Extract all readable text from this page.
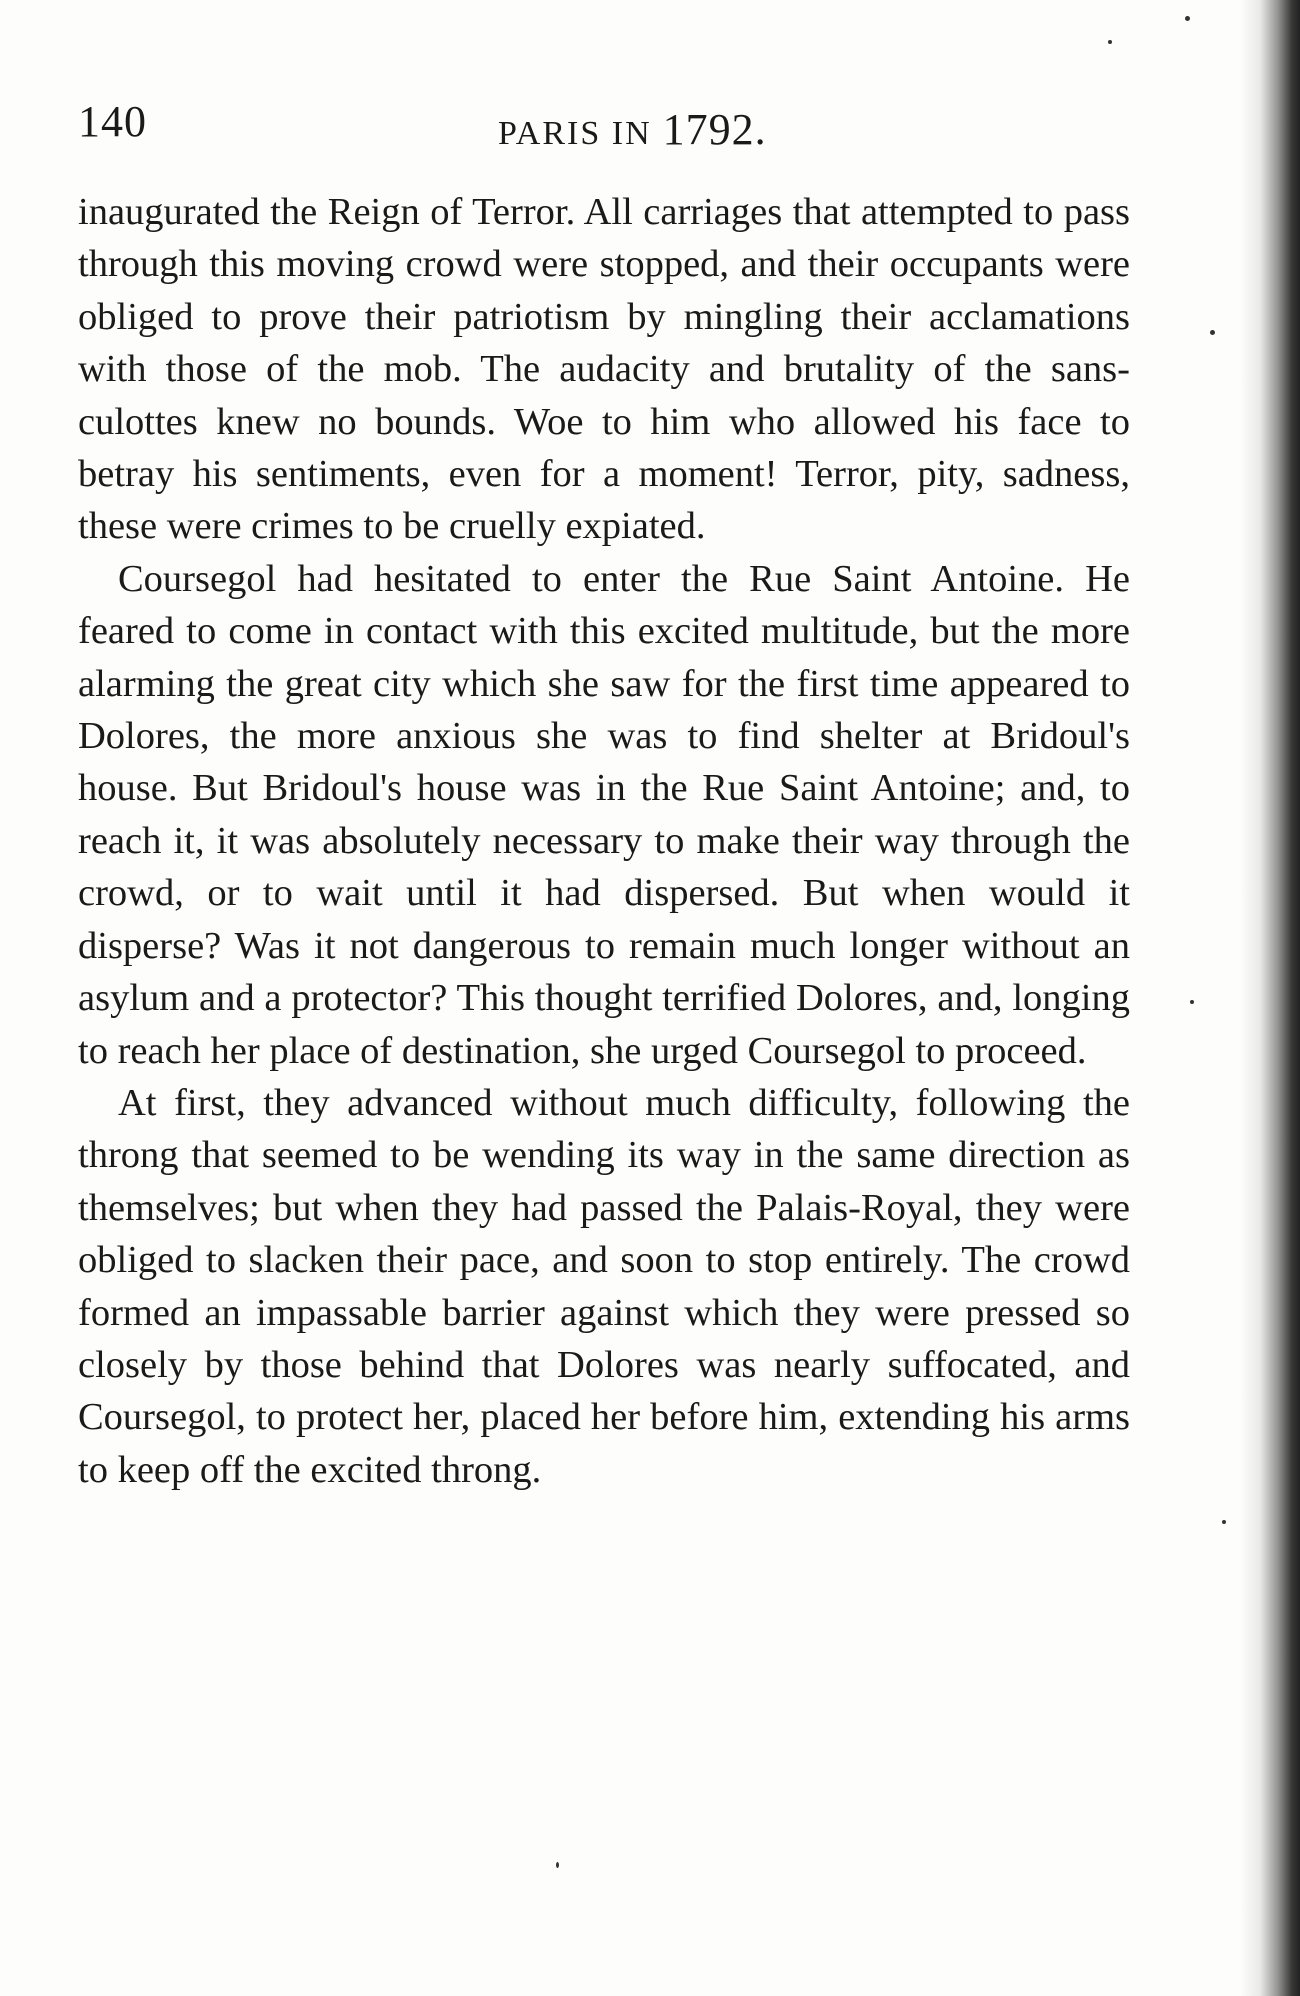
140	PARIS IN 1792.

inaugurated the Reign of Terror. All carriages that attempted to pass through this moving crowd were stopped, and their occupants were obliged to prove their patriotism by mingling their acclamations with those of the mob. The audacity and brutality of the sans-culottes knew no bounds. Woe to him who allowed his face to betray his sentiments, even for a moment! Terror, pity, sadness, these were crimes to be cruelly expiated.

Coursegol had hesitated to enter the Rue Saint Antoine. He feared to come in contact with this excited multitude, but the more alarming the great city which she saw for the first time appeared to Dolores, the more anxious she was to find shelter at Bridoul's house. But Bridoul's house was in the Rue Saint Antoine; and, to reach it, it was absolutely necessary to make their way through the crowd, or to wait until it had dispersed. But when would it disperse? Was it not dangerous to remain much longer without an asylum and a protector? This thought terrified Dolores, and, longing to reach her place of destination, she urged Coursegol to proceed.

At first, they advanced without much difficulty, following the throng that seemed to be wending its way in the same direction as themselves; but when they had passed the Palais-Royal, they were obliged to slacken their pace, and soon to stop entirely. The crowd formed an impassable barrier against which they were pressed so closely by those behind that Dolores was nearly suffocated, and Coursegol, to protect her, placed her before him, extending his arms to keep off the excited throng.
